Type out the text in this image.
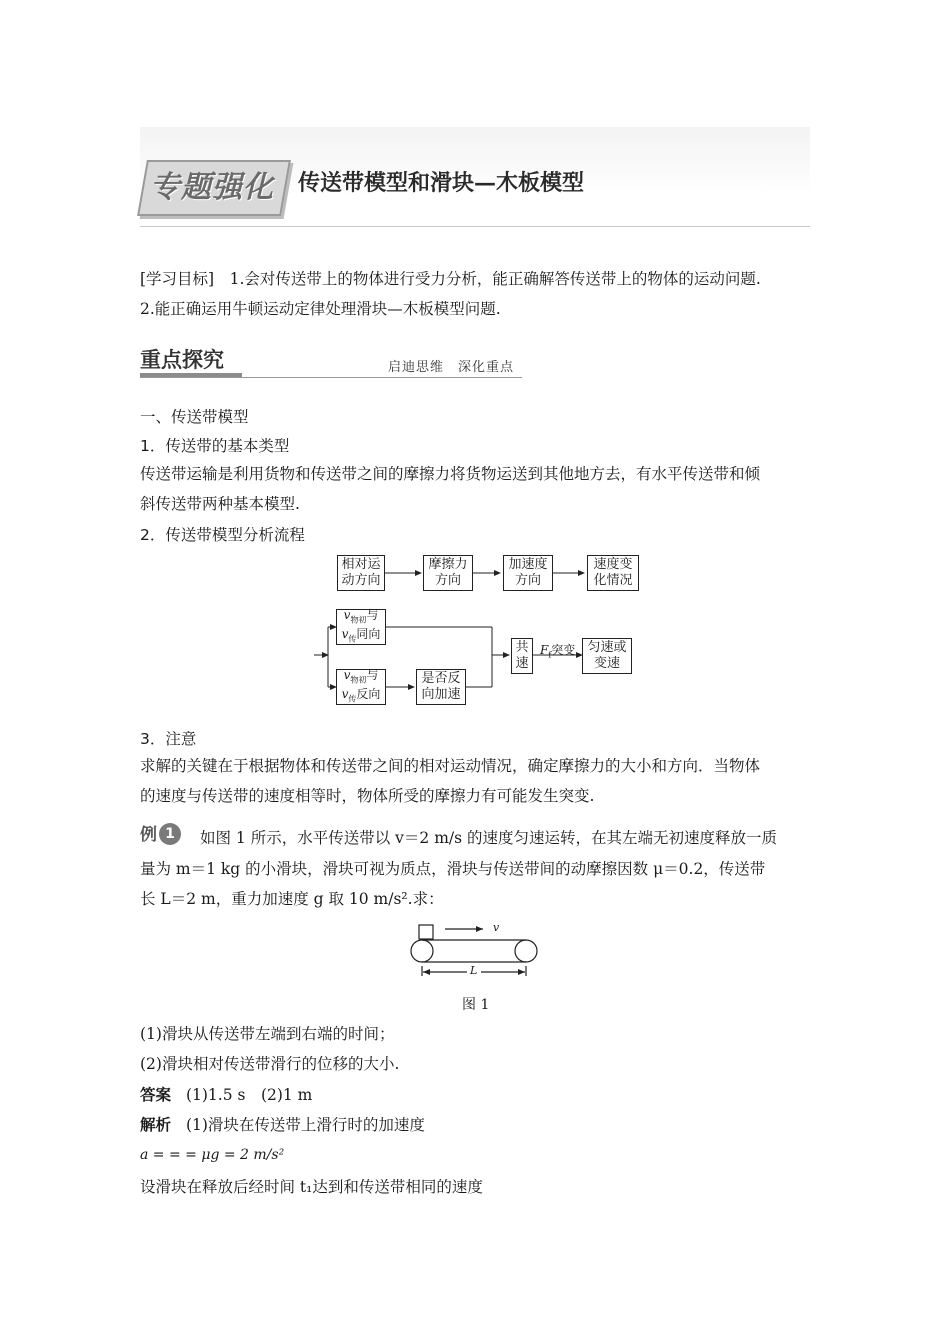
专题强化	传送带模型和滑块—木板模型
[学习目标]　1.会对传送带上的物体进行受力分析，能正确解答传送带上的物体的运动问题.
2.能正确运用牛顿运动定律处理滑块—木板模型问题.
重点探究	启迪思维　深化重点
一、传送带模型
1．传送带的基本类型
传送带运输是利用货物和传送带之间的摩擦力将货物运送到其他地方去，有水平传送带和倾
斜传送带两种基本模型.
2．传送带模型分析流程
相对运动方向
摩擦力方向
加速度方向
速度变化情况
$v_{物初}$与
$v_传$同向
$v_{物初}$与
$v_传$反向
是否反向加速
共速
$F_f$突变 匀速或变速
3．注意
求解的关键在于根据物体和传送带之间的相对运动情况，确定摩擦力的大小和方向．当物体
的速度与传送带的速度相等时，物体所受的摩擦力有可能发生突变.
例 1	如图 1 所示，水平传送带以 v＝2 m/s 的速度匀速运转，在其左端无初速度释放一质
量为 m＝1 kg 的小滑块，滑块可视为质点，滑块与传送带间的动摩擦因数 μ＝0.2，传送带
长 L＝2 m，重力加速度 g 取 10 m/s².求：
v
L
图 1
(1)滑块从传送带左端到右端的时间；
(2)滑块相对传送带滑行的位移的大小.
答案 (1)1.5 s　(2)1 m
解析 (1)滑块在传送带上滑行时的加速度
a = = = μg = 2 m/s²
设滑块在释放后经时间 t₁达到和传送带相同的速度
